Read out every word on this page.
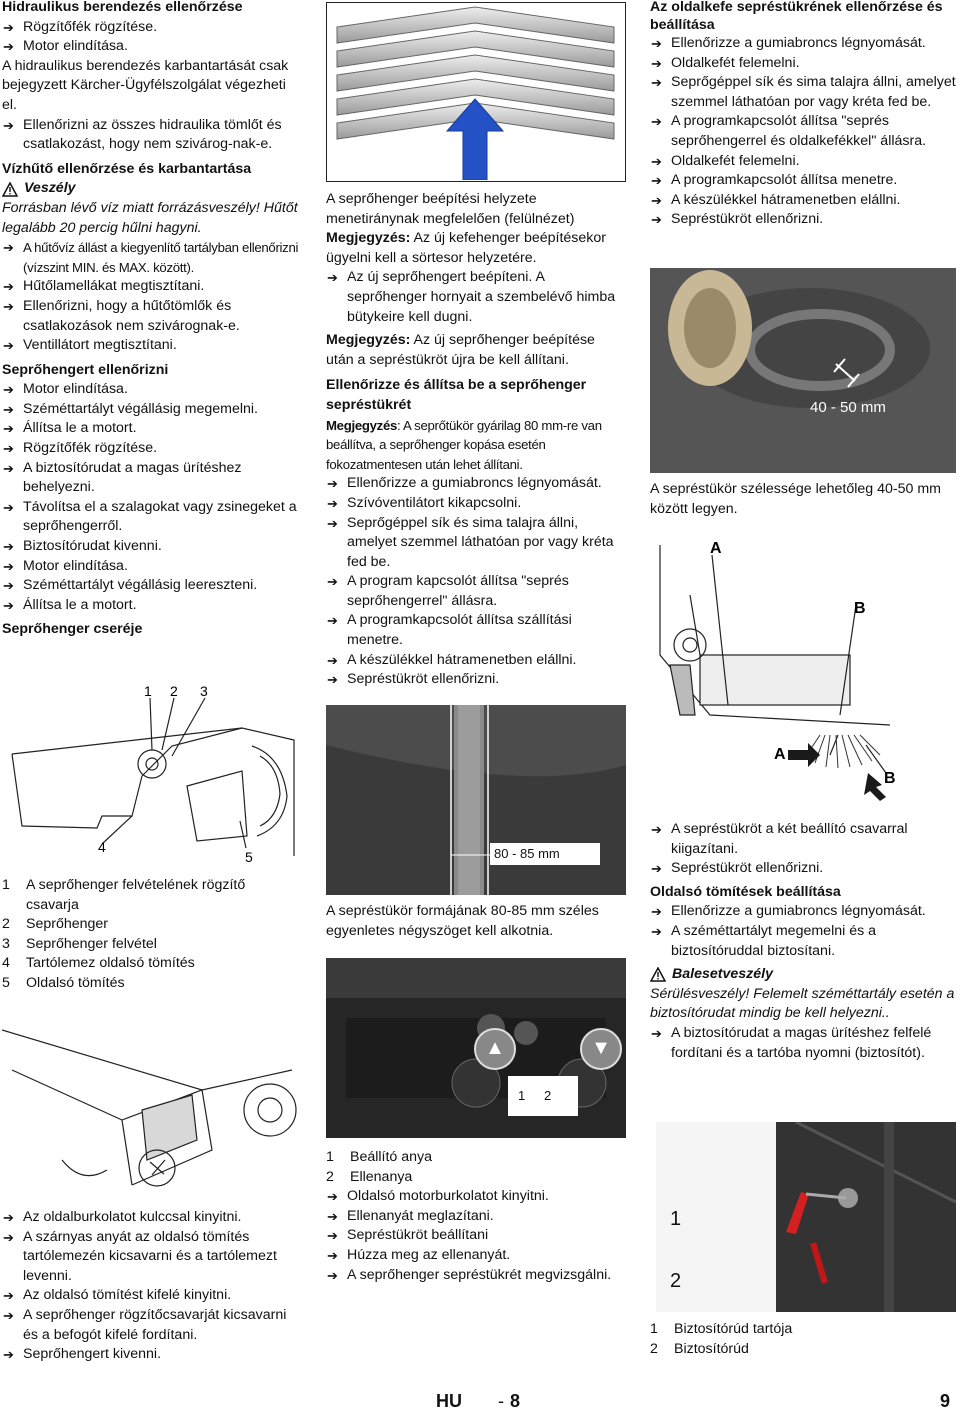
Hidraulikus berendezés ellenőrzése

➔ Rögzítőfék rögzítése.
➔ Motor elindítása.

A hidraulikus berendezés karbantartását csak bejegyzett Kärcher-Ügyfélszolgálat végezheti el.

➔ Ellenőrizni az összes hidraulika tömlőt és csatlakozást, hogy nem szivárog-nak-e.

Vízhűtő ellenőrzése és karbantartása

Veszély

Forrásban lévő víz miatt forrázásveszély! Hűtőt legalább 20 percig hűlni hagyni.

➔ A hűtővíz állást a kiegyenlítő tartályban ellenőrizni (vízszint MIN. és MAX. között).
➔ Hűtőlamellákat megtisztítani.
➔ Ellenőrizni, hogy a hűtőtömlők és csatlakozások nem szivárognak-e.
➔ Ventillátort megtisztítani.

Seprőhengert ellenőrizni

➔ Motor elindítása.
➔ Széméttartályt végállásig megemelni.
➔ Állítsa le a motort.
➔ Rögzítőfék rögzítése.
➔ A biztosítórudat a magas ürítéshez behelyezni.
➔ Távolítsa el a szalagokat vagy zsinegeket a seprőhengerről.
➔ Biztosítórudat kivenni.
➔ Motor elindítása.
➔ Széméttartályt végállásig leereszteni.
➔ Állítsa le a motort.

Seprőhenger cseréje

1 2 3
4
5
1	A seprőhenger felvételének rögzítő csavarja
2	Seprőhenger
3	Seprőhenger felvétel
4	Tartólemez oldalsó tömítés
5	Oldalsó tömítés
➔ Az oldalburkolatot kulccsal kinyitni.
➔ A szárnyas anyát az oldalsó tömítés tartólemezén kicsavarni és a tartólemezt levenni.
➔ Az oldalsó tömítést kifelé kinyitni.
➔ A seprőhenger rögzítőcsavarját kicsavarni és a befogót kifelé fordítani.
➔ Seprőhengert kivenni.

A seprőhenger beépítési helyzete menetiránynak megfelelően (felülnézet)

Megjegyzés: Az új kefehenger beépítésekor ügyelni kell a sörtesor helyzetére.

➔ Az új seprőhengert beépíteni. A seprőhenger hornyait a szembelévő himba bütykeire kell dugni.

Megjegyzés: Az új seprőhenger beépítése után a sepréstükröt újra be kell állítani.

Ellenőrizze és állítsa be a seprőhenger sepréstükrét

Megjegyzés: A seprőtükör gyárilag 80 mm-re van beállítva, a seprőhenger kopása esetén fokozatmentesen után lehet állítani.

➔ Ellenőrizze a gumiabroncs légnyomását.
➔ Szívóventilátort kikapcsolni.
➔ Seprőgéppel sík és sima talajra állni, amelyet szemmel láthatóan por vagy kréta fed be.
➔ A program kapcsolót állítsa "seprés seprőhengerrel" állásra.
➔ A programkapcsolót állítsa szállítási menetre.
➔ A készülékkel hátramenetben elállni.
➔ Sepréstükröt ellenőrizni.
80 - 85 mm

A sepréstükör formájának 80-85 mm széles egyenletes négyszöget kell alkotnia.

▲	▼
1 2
1	Beállító anya
2	Ellenanya
➔ Oldalsó motorburkolatot kinyitni.
➔ Ellenanyát meglazítani.
➔ Sepréstükröt beállítani
➔ Húzza meg az ellenanyát.
➔ A seprőhenger sepréstükrét megvizsgálni.

Az oldalkefe sepréstükrének ellenőrzése és beállítása

➔ Ellenőrizze a gumiabroncs légnyomását.
➔ Oldalkefét felemelni.
➔ Seprőgéppel sík és sima talajra állni, amelyet szemmel láthatóan por vagy kréta fed be.
➔ A programkapcsolót állítsa "seprés seprőhengerrel és oldalkefékkel" állásra.
➔ Oldalkefét felemelni.
➔ A programkapcsolót állítsa menetre.
➔ A készülékkel hátramenetben elállni.
➔ Sepréstükröt ellenőrizni.
40 - 50 mm

A sepréstükör szélessége lehetőleg 40-50 mm között legyen.

A
B
A
B
➔ A sepréstükröt a két beállító csavarral kiigazítani.
➔ Sepréstükröt ellenőrizni.

Oldalsó tömítések beállítása

➔ Ellenőrizze a gumiabroncs légnyomását.
➔ A széméttartályt megemelni és a biztosítóruddal biztosítani.
Balesetveszély

Sérülésveszély! Felemelt széméttartály esetén a biztosítórudat mindig be kell helyezni..

➔ A biztosítórudat a magas ürítéshez felfelé fordítani és a tartóba nyomni (biztosítót).
1
2
1	Biztosítórúd tartója
2	Biztosítórúd
HU - 8	9
